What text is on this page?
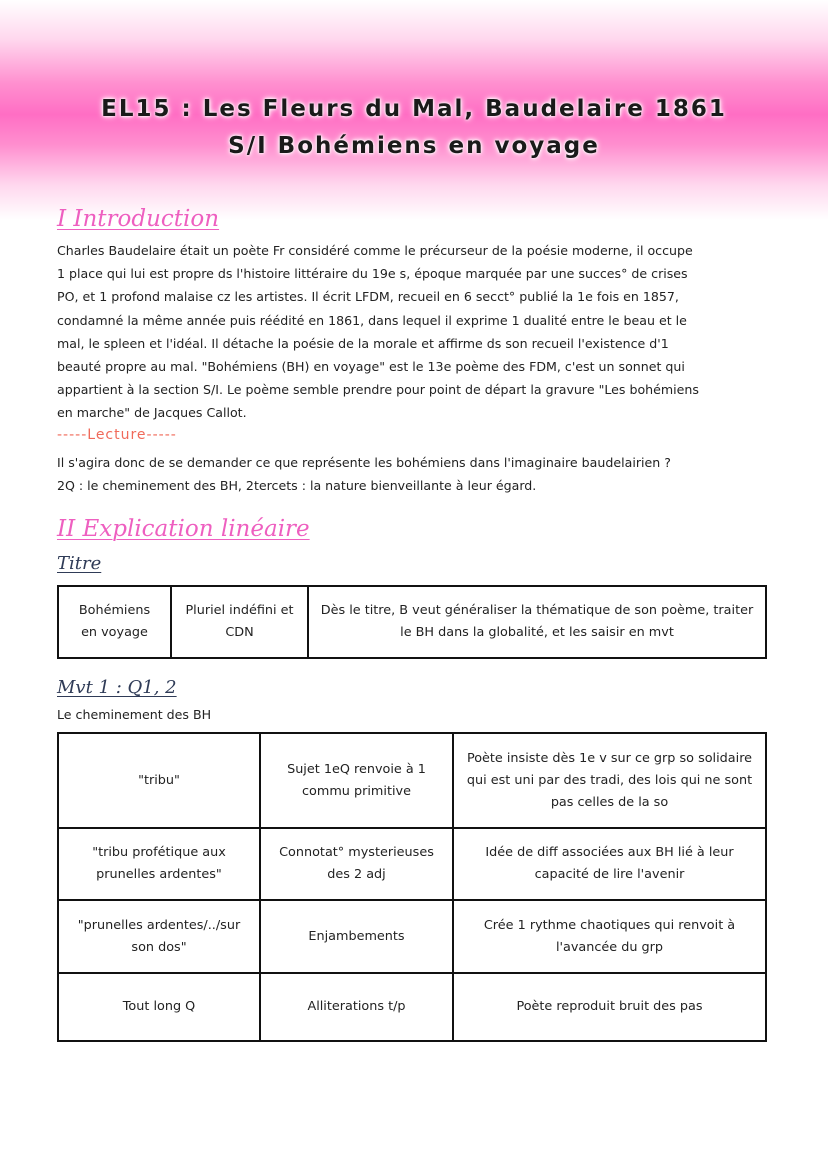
EL15 : Les Fleurs du Mal, Baudelaire 1861
S/I Bohémiens en voyage
I Introduction
Charles Baudelaire était un poète Fr considéré comme le précurseur de la poésie moderne, il occupe
1 place qui lui est propre ds l'histoire littéraire du 19e s, époque marquée par une succes° de crises
PO, et 1 profond malaise cz les artistes. Il écrit LFDM, recueil en 6 secct° publié la 1e fois en 1857,
condamné la même année puis réédité en 1861, dans lequel il exprime 1 dualité entre le beau et le
mal, le spleen et l'idéal. Il détache la poésie de la morale et affirme ds son recueil l'existence d'1
beauté propre au mal. "Bohémiens (BH) en voyage" est le 13e poème des FDM, c'est un sonnet qui
appartient à la section S/I. Le poème semble prendre pour point de départ la gravure "Les bohémiens
en marche" de Jacques Callot.
-----Lecture-----
Il s'agira donc de se demander ce que représente les bohémiens dans l'imaginaire baudelairien ?
2Q : le cheminement des BH, 2tercets : la nature bienveillante à leur égard.
II Explication linéaire
Titre
Bohémiens en voyage	Pluriel indéfini et CDN	Dès le titre, B veut généraliser la thématique de son poème, traiter le BH dans la globalité, et les saisir en mvt
Mvt 1 : Q1, 2
Le cheminement des BH
"tribu"	Sujet 1eQ renvoie à 1 commu primitive	Poète insiste dès 1e v sur ce grp so solidaire qui est uni par des tradi, des lois qui ne sont pas celles de la so
"tribu profétique aux prunelles ardentes"	Connotat° mysterieuses des 2 adj	Idée de diff associées aux BH lié à leur capacité de lire l'avenir
"prunelles ardentes/../sur son dos"	Enjambements	Crée 1 rythme chaotiques qui renvoit à l'avancée du grp
Tout long Q	Alliterations t/p	Poète reproduit bruit des pas
